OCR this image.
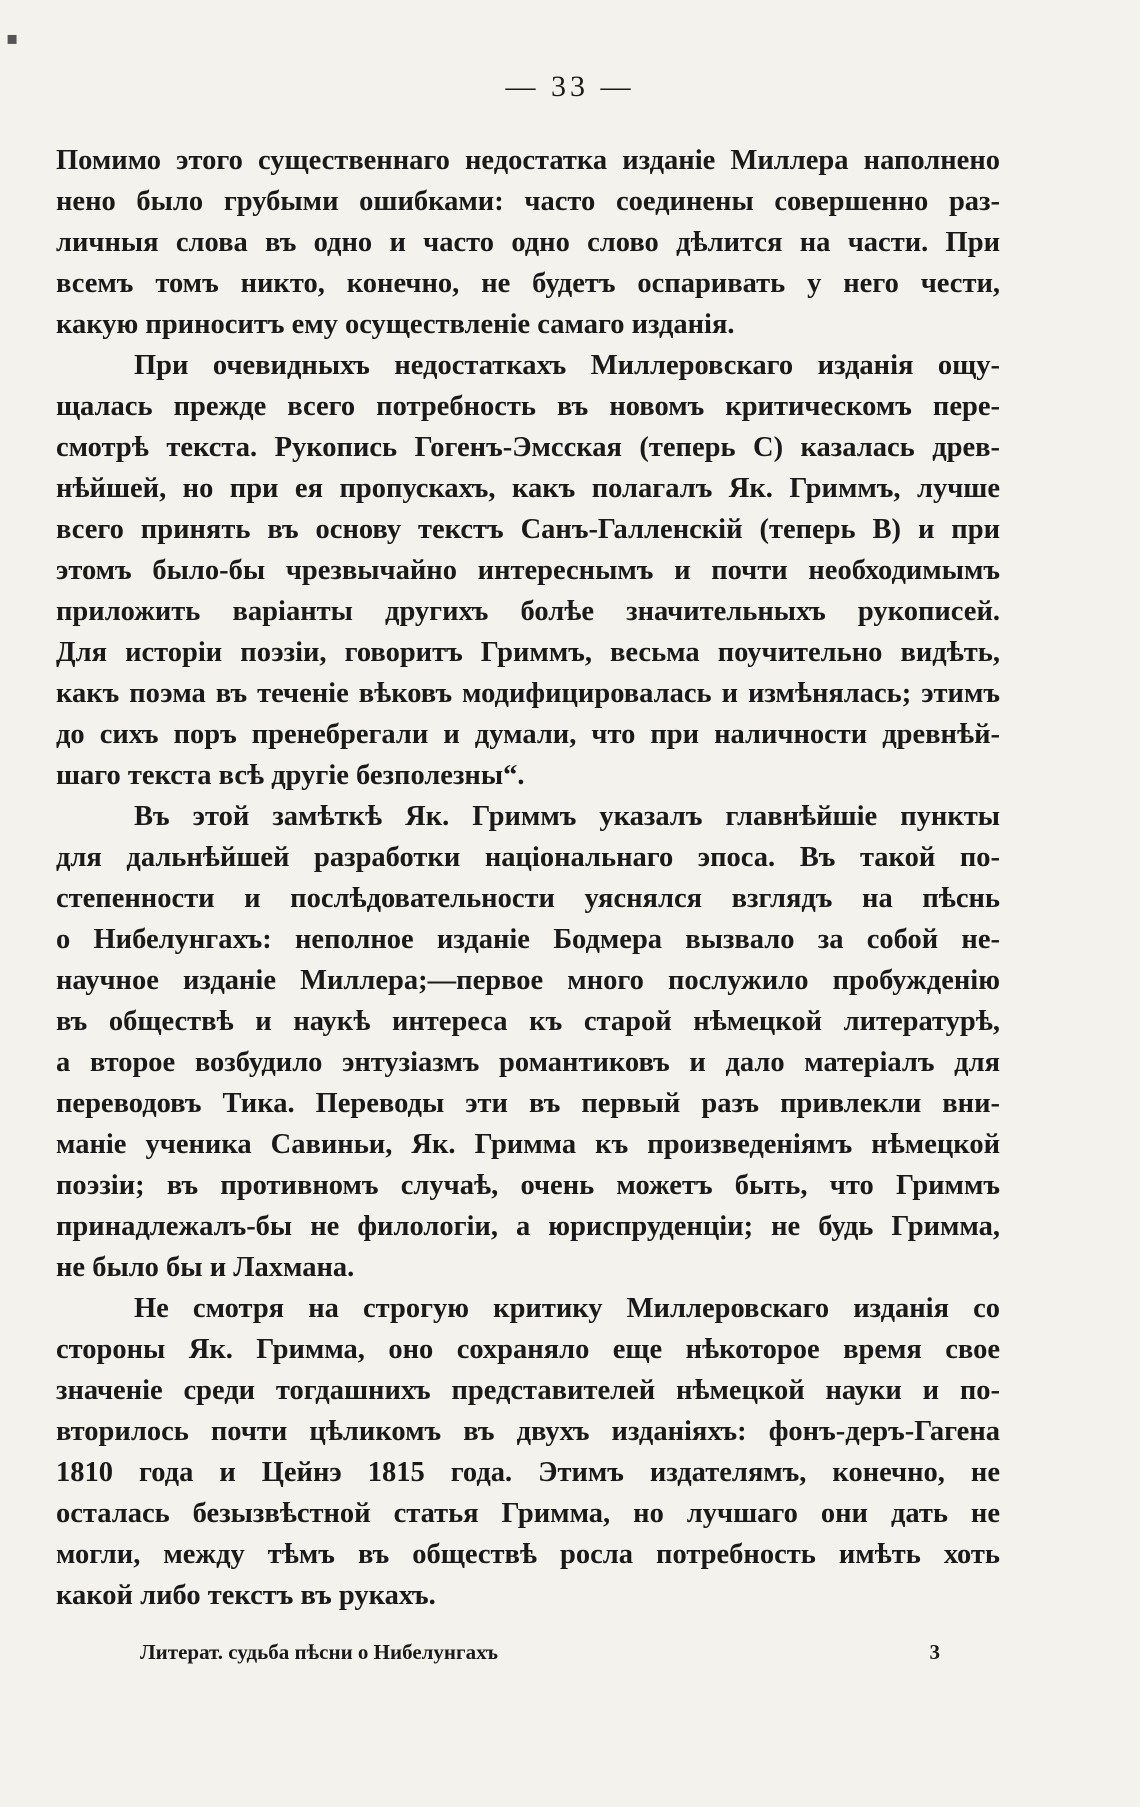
— 33 —
Помимо этого существеннаго недостатка изданіе Миллера наполнено
нено было грубыми ошибками: часто соединены совершенно раз-
личныя слова въ одно и часто одно слово дѣлится на части. При
всемъ томъ никто, конечно, не будетъ оспаривать у него чести,
какую приноситъ ему осуществленіе самаго изданія.
При очевидныхъ недостаткахъ Миллеровскаго изданія ощу-
щалась прежде всего потребность въ новомъ критическомъ пере-
смотрѣ текста. Рукопись Гогенъ-Эмсская (теперь C) казалась древ-
нѣйшей, но при ея пропускахъ, какъ полагалъ Як. Гриммъ, лучше
всего принять въ основу текстъ Санъ-Галленскій (теперь B) и при
этомъ было-бы чрезвычайно интереснымъ и почти необходимымъ
приложить варіанты другихъ болѣе значительныхъ рукописей.
Для исторіи поэзіи, говоритъ Гриммъ, весьма поучительно видѣть,
какъ поэма въ теченіе вѣковъ модифицировалась и измѣнялась; этимъ
до сихъ поръ пренебрегали и думали, что при наличности древнѣй-
шаго текста всѣ другіе безполезны“.
Въ этой замѣткѣ Як. Гриммъ указалъ главнѣйшіе пункты
для дальнѣйшей разработки національнаго эпоса. Въ такой по-
степенности и послѣдовательности уяснялся взглядъ на пѣснь
о Нибелунгахъ: неполное изданіе Бодмера вызвало за собой не-
научное изданіе Миллера;—первое много послужило пробужденію
въ обществѣ и наукѣ интереса къ старой нѣмецкой литературѣ,
а второе возбудило энтузіазмъ романтиковъ и дало матеріалъ для
переводовъ Тика. Переводы эти въ первый разъ привлекли вни-
маніе ученика Савиньи, Як. Гримма къ произведеніямъ нѣмецкой
поэзіи; въ противномъ случаѣ, очень можетъ быть, что Гриммъ
принадлежалъ-бы не филологіи, а юриспруденціи; не будь Гримма,
не было бы и Лахмана.
Не смотря на строгую критику Миллеровскаго изданія со
стороны Як. Гримма, оно сохраняло еще нѣкоторое время свое
значеніе среди тогдашнихъ представителей нѣмецкой науки и по-
вторилось почти цѣликомъ въ двухъ изданіяхъ: фонъ-деръ-Гагена
1810 года и Цейнэ 1815 года. Этимъ издателямъ, конечно, не
осталась безызвѣстной статья Гримма, но лучшаго они дать не
могли, между тѣмъ въ обществѣ росла потребность имѣть хоть
какой либо текстъ въ рукахъ.
Литерат. судьба пѣсни о Нибелунгахъ	3
▪
